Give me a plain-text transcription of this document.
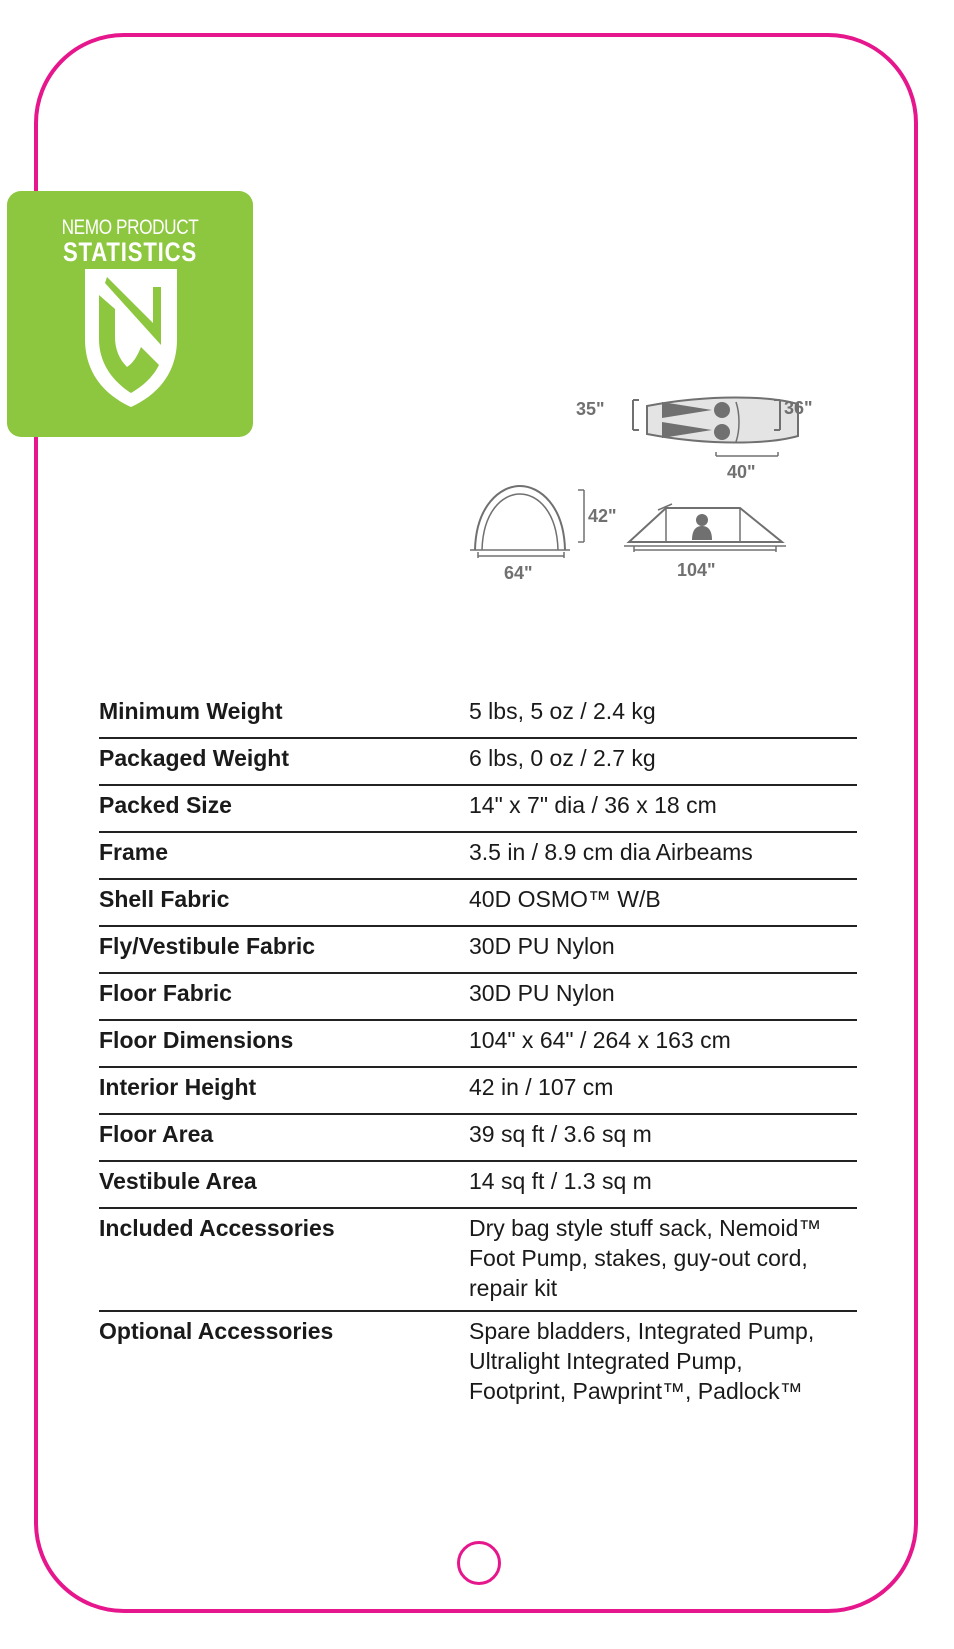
NEMO PRODUCT
STATISTICS
35"	36"
40"
42"
64"	104"
Minimum Weight	5 lbs, 5 oz / 2.4 kg
Packaged Weight	6 lbs, 0 oz / 2.7 kg
Packed Size	14" x 7" dia / 36 x 18 cm
Frame	3.5 in / 8.9 cm dia Airbeams
Shell Fabric	40D OSMO™ W/B
Fly/Vestibule Fabric	30D PU Nylon
Floor Fabric	30D PU Nylon
Floor Dimensions	104" x 64" / 264 x 163 cm
Interior Height	42 in / 107 cm
Floor Area	39 sq ft / 3.6 sq m
Vestibule Area	14 sq ft / 1.3 sq m
Included Accessories	Dry bag style stuff sack, Nemoid™
Foot Pump, stakes, guy-out cord,
repair kit
Optional Accessories	Spare bladders, Integrated Pump,
Ultralight Integrated Pump,
Footprint, Pawprint™, Padlock™
